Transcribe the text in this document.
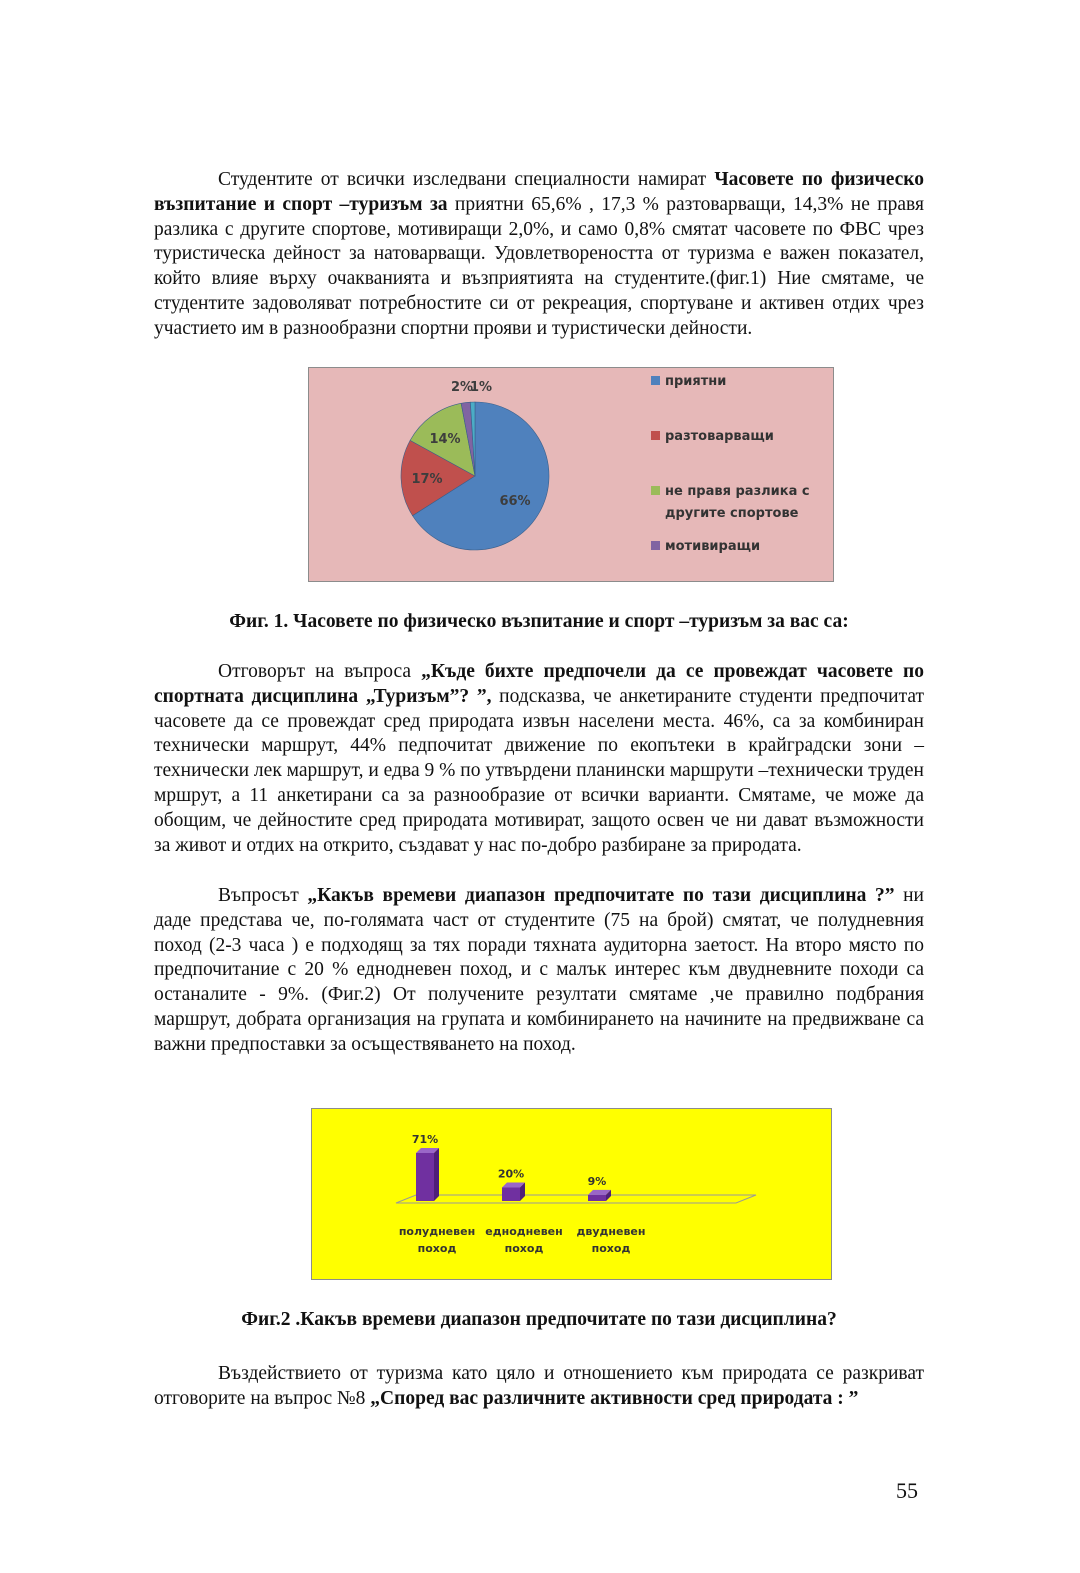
Студентите от всички изследвани специалности намират Часовете по физическо възпитание и спорт –туризъм за приятни 65,6% , 17,3 % разтоварващи, 14,3% не правя разлика с другите спортове, мотивиращи 2,0%, и само 0,8% смятат часовете по ФВС чрез туристическа дейност за натоварващи. Удовлетвореността от туризма е важен показател, който влияе върху очакванията и възприятията на студентите.(фиг.1) Ние смятаме, че студентите задоволяват потребностите си от рекреация, спортуване и активен отдих чрез участието им в разнообразни спортни прояви и туристически дейности.
66%
17%
14%
2%
1%	приятни
разтоварващи
не правя разлика с
другите спортове
мотивиращи
Фиг. 1. Часовете по физическо възпитание и спорт –туризъм за вас са:
Отговорът на въпроса „Къде бихте предпочели да се провеждат часовете по спортната дисциплина „Туризъм”? ”, подсказва, че анкетираните студенти предпочитат часовете да се провеждат сред природата извън населени места. 46%, са за комбиниран технически маршрут, 44% педпочитат движение по екопътеки в крайградски зони – технически лек маршрут, и едва 9 % по утвърдени планински маршрути –технически труден мршрут, а 11 анкетирани са за разнообразие от всички варианти. Смятаме, че може да обощим, че дейностите сред природата мотивират, защото освен че ни дават възможности за живот и отдих на открито, създават у нас по-добро разбиране за природата.
Въпросът „Какъв времеви диапазон предпочитате по тази дисциплина ?” ни даде представа че, по-голямата част от студентите (75 на брой) смятат, че полудневния поход (2-3 часа ) е подходящ за тях поради тяхната аудиторна заетост. На второ място по предпочитание с 20 % еднодневен поход, и с малък интерес към двудневните походи са останалите - 9%. (Фиг.2) От получените резултати смятаме ,че правилно подбрания маршрут, добрата организация на групата и комбинирането на начините на предвижване са важни предпоставки за осъществяването на поход.
71%
20%
9%
полудневен
поход
еднодневен
поход
двудневен
поход
Фиг.2 .Какъв времеви диапазон предпочитате по тази дисциплина?
Въздействието от туризма като цяло и отношението към природата се разкриват отговорите на въпрос №8 „Според вас различните активности сред природата : ”
55
